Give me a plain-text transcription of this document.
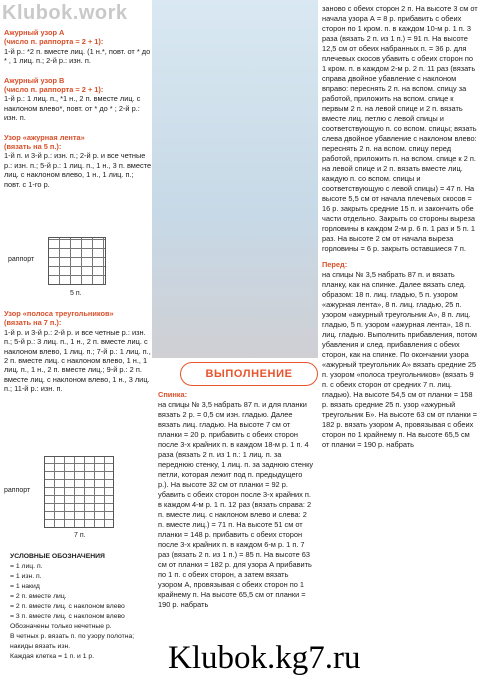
Klubok.work
Ажурный узор А
(число п. раппорта = 2 + 1):
1-й р.: *2 п. вместе лиц. (1 н.*, повт. от * до * , 1 лиц. п.; 2-й р.: изн. п.
Ажурный узор В
(число п. раппорта = 2 + 1):
1-й р.: 1 лиц. п., *1 н., 2 п. вместе лиц. с наклоном влево*, повт. от * до * ; 2-й р.: изн. п.
Узор «ажурная лента»
(вязать на 5 п.):
1-й п. и 3-й р.: изн. п.; 2-й р. и все четные р.: изн. п.; 5-й р.: 1 лиц. п., 1 н., 3 п. вместе лиц. с наклоном влево, 1 н., 1 лиц. п.; повт. с 1-го р.
раппорт
5 п.
Узор «полоса треугольников»
(вязать на 7 п.):
1-й р. и 3-й р.: 2-й р. и все четные р.: изн. п.; 5-й р.: 3 лиц. п., 1 н., 2 п. вместе лиц. с наклоном влево, 1 лиц. п.; 7-й р.: 1 лиц. п., 2 п. вместе лиц. с наклоном влево, 1 н., 1 лиц. п., 1 н., 2 п. вместе лиц.; 9-й р.: 2 п. вместе лиц. с наклоном влево, 1 н., 3 лиц. п.; 11-й р.: изн. п.
раппорт
7 п.
УСЛОВНЫЕ ОБОЗНАЧЕНИЯ
= 1 лиц. п.
= 1 изн. п.
= 1 накид
= 2 п. вместе лиц.
= 2 п. вместе лиц. с наклоном влево
= 3 п. вместе лиц. с наклоном влево
Обозначены только нечетные р.
В четных р. вязать п. по узору полотна; накиды вязать изн.
Каждая клетка = 1 п. и 1 р.
ВЫПОЛНЕНИЕ
Спинка:
на спицы № 3,5 набрать 87 п. и для планки вязать 2 р. = 0,5 см изн. гладью. Далее вязать лиц. гладью. На высоте 7 см от планки = 20 р. прибавить с обеих сторон после 3-х крайних п. в каждом 18-м р. 1 п. 4 раза (вязать 2 п. из 1 п.: 1 лиц. п. за переднюю стенку, 1 лиц. п. за заднюю стенку петли, которая лежит под п. предыдущего р.). На высоте 32 см от планки = 92 р. убавить с обеих сторон после 3-х крайних п. в каждом 4-м р. 1 п. 12 раз (вязать справа: 2 п. вместе лиц. с наклоном влево и слева: 2 п. вместе лиц.) = 71 п. На высоте 51 см от планки = 148 р. прибавить с обеих сторон после 3-х крайних п. в каждом 6-м р. 1 п. 7 раз (вязать 2 п. из 1 п.) = 85 п. На высоте 63 см от планки = 182 р. для узора А прибавить по 1 п. с обеих сторон, а затем вязать узором А, провязывая с обеих сторон по 1 крайнему п. На высоте 65,5 см от планки = 190 р. набрать
заново с обеих сторон 2 п. На высоте 3 см от начала узора А = 8 р. прибавить с обеих сторон по 1 кром. п. в каждом 10-м р. 1 п. 3 раза (вязать 2 п. из 1 п.) = 91 п. На высоте 12,5 см от обеих набранных п. = 36 р. для плечевых скосов убавить с обеих сторон по 1 кром. п. в каждом 2-м р. 2 п. 11 раз (вязать справа двойное убавление с наклоном вправо: переснять 2 п. на вспом. спицу за работой, приложить на вспом. спице к первым 2 п. на левой спице и 2 п. вязать вместе лиц. петлю с левой спицы и соответствующую п. со вспом. спицы; вязать слева двойное убавление с наклоном влево: переснять 2 п. на вспом. спицу перед работой, приложить п. на вспом. спице к 2 п. на левой спице и 2 п. вязать вместе лиц. каждую п. со вспом. спицы и соответствующую с левой спицы) = 47 п. На высоте 5,5 см от начала плечевых скосов = 16 р. закрыть средние 15 п. и закончить обе части отдельно. Закрыть со стороны выреза горловины в каждом 2-м р. 6 п. 1 раз и 5 п. 1 раз. На высоте 2 см от начала выреза горловины = 6 р. закрыть оставшиеся 7 п.
Перед:
на спицы № 3,5 набрать 87 п. и вязать планку, как на спинке. Далее вязать след. образом: 18 п. лиц. гладью, 5 п. узором «ажурная лента», 8 п. лиц. гладью, 25 п. узором «ажурный треугольник А», 8 п. лиц. гладью, 5 п. узором «ажурная лента», 18 п. лиц. гладью. Выполнить прибавления, потом убавления и след. прибавления с обеих сторон, как на спинке. По окончании узора «ажурный треугольник А» вязать средние 25 п. узором «полоса треугольников» (вязать 9 п. с обеих сторон от средних 7 п. лиц. гладью). На высоте 54,5 см от планки = 158 р. вязать средние 25 п. узор «ажурный треугольник Б». На высоте 63 см от планки = 182 р. вязать узором А, провязывая с обеих сторон по 1 крайнему п. На высоте 65,5 см от планки = 190 р. набрать
Klubok.kg7.ru
